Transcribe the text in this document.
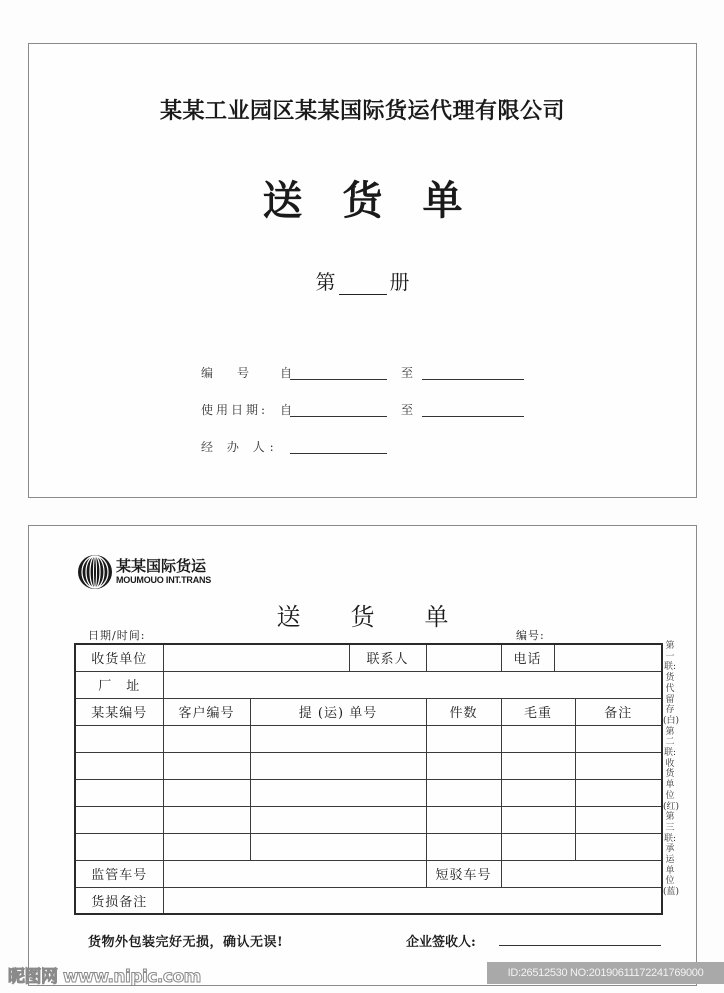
某某工业园区某某国际货运代理有限公司
送货单
第	册
编　　号	自	至
使用日期: 自	至
经 办 人:
某某国际货运
MOUMOUO INT.TRANS
送货单
日期/时间:	编号:
收货单位			联系人		电话		
厂　址							
某某编号	客户编号	提 (运) 单号		件数	毛重		备注

监管车号				短驳车号			
货损备注							
第一联:货代留存(白) 第二联:收货单位(红) 第三联:承运单位(蓝)
货物外包装完好无损，确认无误!	企业签收人:
昵图网 www.nipic.com	ID:26512530 NO:20190611172241769000
